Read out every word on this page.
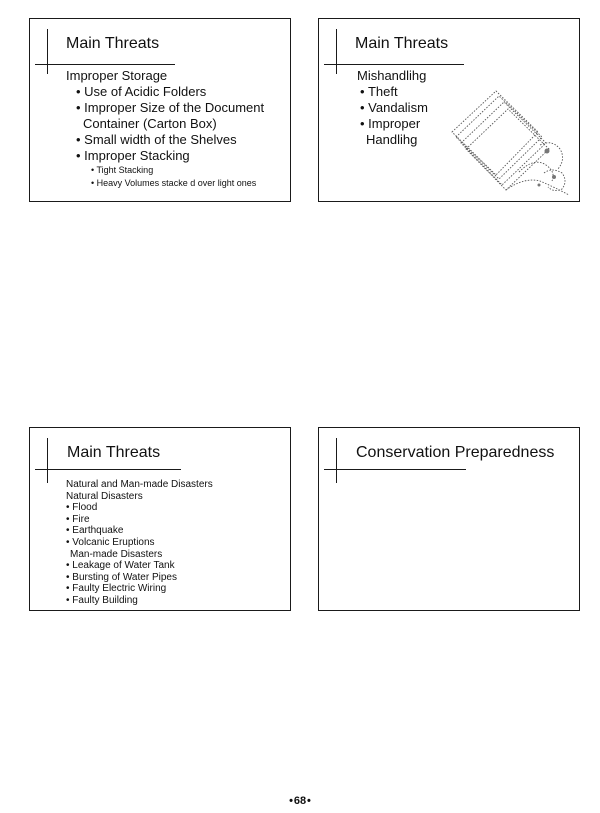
Main Threats
Improper Storage
• Use of Acidic Folders
• Improper Size of the Document
Container (Carton Box)
• Small width of the Shelves
• Improper Stacking
• Tight Stacking
• Heavy Volumes stacke d over light ones
Main Threats
Mishandlihg
• Theft
• Vandalism
• Improper
Handlihg
Main Threats
Natural and Man-made Disasters
Natural Disasters
• Flood
• Fire
• Earthquake
• Volcanic Eruptions
Man-made Disasters
• Leakage of Water Tank
• Bursting of Water Pipes
• Faulty Electric Wiring
• Faulty Building
Conservation Preparedness
• 68 •
